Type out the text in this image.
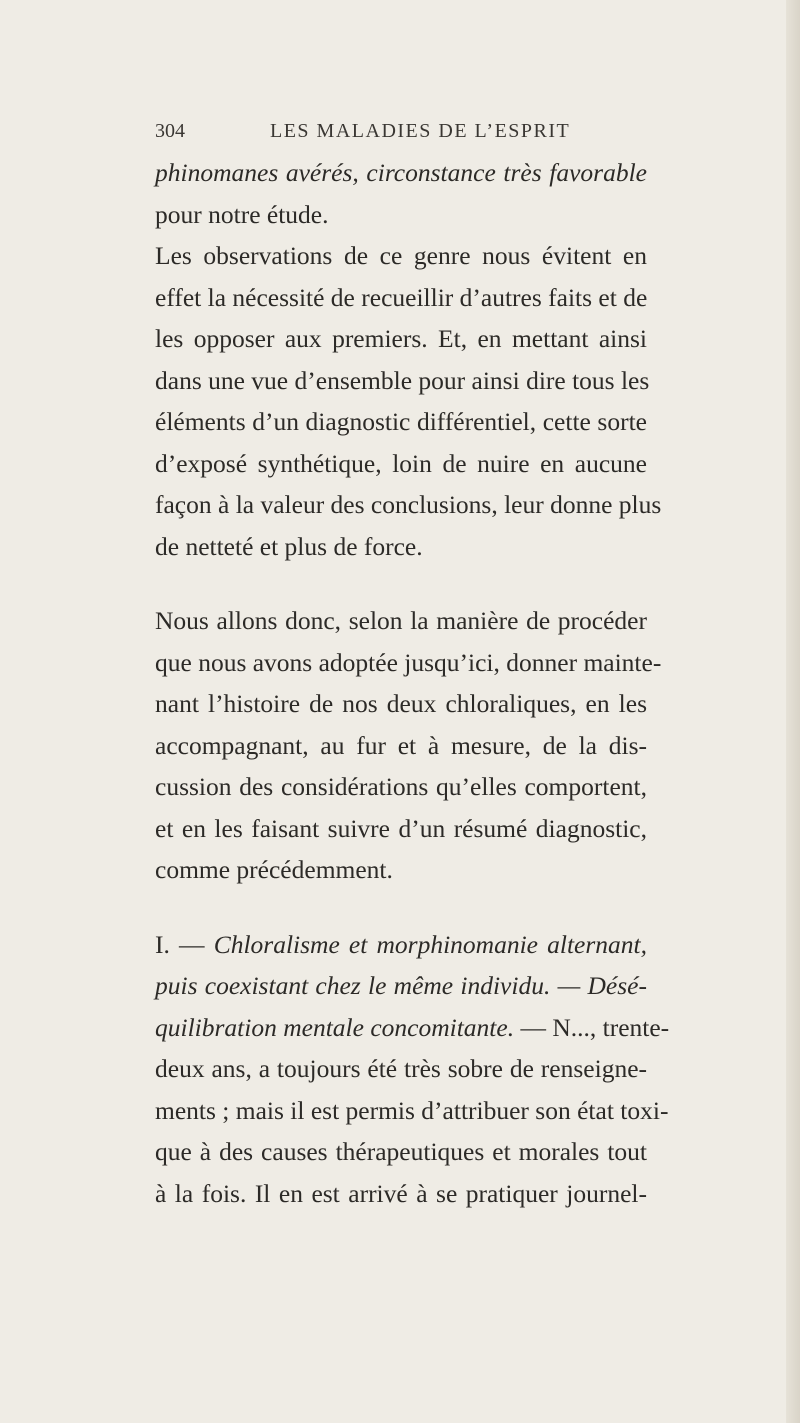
304	LES MALADIES DE L’ESPRIT

phinomanes avérés, circonstance très favorable
pour notre étude.

Les observations de ce genre nous évitent en
effet la nécessité de recueillir d’autres faits et de
les opposer aux premiers. Et, en mettant ainsi
dans une vue d’ensemble pour ainsi dire tous les
éléments d’un diagnostic différentiel, cette sorte
d’exposé synthétique, loin de nuire en aucune
façon à la valeur des conclusions, leur donne plus
de netteté et plus de force.

Nous allons donc, selon la manière de procéder
que nous avons adoptée jusqu’ici, donner mainte-
nant l’histoire de nos deux chloraliques, en les
accompagnant, au fur et à mesure, de la dis-
cussion des considérations qu’elles comportent,
et en les faisant suivre d’un résumé diagnostic,
comme précédemment.

I. — Chloralisme et morphinomanie alternant,
puis coexistant chez le même individu. — Désé-
quilibration mentale concomitante. — N..., trente-
deux ans, a toujours été très sobre de renseigne-
ments ; mais il est permis d’attribuer son état toxi-
que à des causes thérapeutiques et morales tout
à la fois. Il en est arrivé à se pratiquer journel-
